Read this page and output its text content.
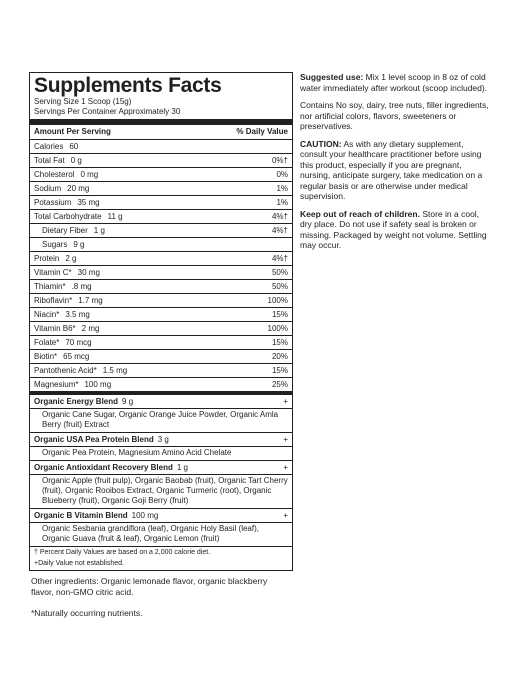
Supplements Facts
Serving Size 1 Scoop (15g)
Servings Per Container Approximately 30
Amount Per Serving	% Daily Value
Calories 60
Total Fat 0 g	0%†
Cholesterol 0 mg	0%
Sodium 20 mg	1%
Potassium 35 mg	1%
Total Carbohydrate 11 g	4%†
Dietary Fiber 1 g	4%†
Sugars 9 g
Protein 2 g	4%†
Vitamin C* 30 mg	50%
Thiamin* .8 mg	50%
Riboflavin* 1.7 mg	100%
Niacin* 3.5 mg	15%
Vitamin B6* 2 mg	100%
Folate* 70 mcg	15%
Biotin* 65 mcg	20%
Pantothenic Acid* 1.5 mg	15%
Magnesium* 100 mg	25%
Organic Energy Blend 9 g	+
Organic Cane Sugar, Organic Orange Juice Powder, Organic Amla Berry (fruit) Extract
Organic USA Pea Protein Blend 3 g	+
Organic Pea Protein, Magnesium Amino Acid Chelate
Organic Antioxidant Recovery Blend 1 g	+
Organic Apple (fruit pulp), Organic Baobab (fruit), Organic Tart Cherry (fruit), Organic Rooibos Extract, Organic Turmeric (root), Organic Blueberry (fruit), Organic Goji Berry (fruit)
Organic B Vitamin Blend 100 mg	+
Organic Sesbania grandiflora (leaf), Organic Holy Basil (leaf), Organic Guava (fruit & leaf), Organic Lemon (fruit)
† Percent Daily Values are based on a 2,000 calorie diet.
+Daily Value not established.
Other ingredients: Organic lemonade flavor, organic blackberry flavor, non-GMO citric acid.
*Naturally occurring nutrients.

Suggested use: Mix 1 level scoop in 8 oz of cold water immediately after workout (scoop included).

Contains No soy, dairy, tree nuts, filler ingredients, nor artificial colors, flavors, sweeteners or preservatives.

CAUTION: As with any dietary supplement, consult your healthcare practitioner before using this product, especially if you are pregnant, nursing, anticipate surgery, take medication on a regular basis or are otherwise under medical supervision.

Keep out of reach of children. Store in a cool, dry place. Do not use if safety seal is broken or missing. Packaged by weight not volume. Settling may occur.
